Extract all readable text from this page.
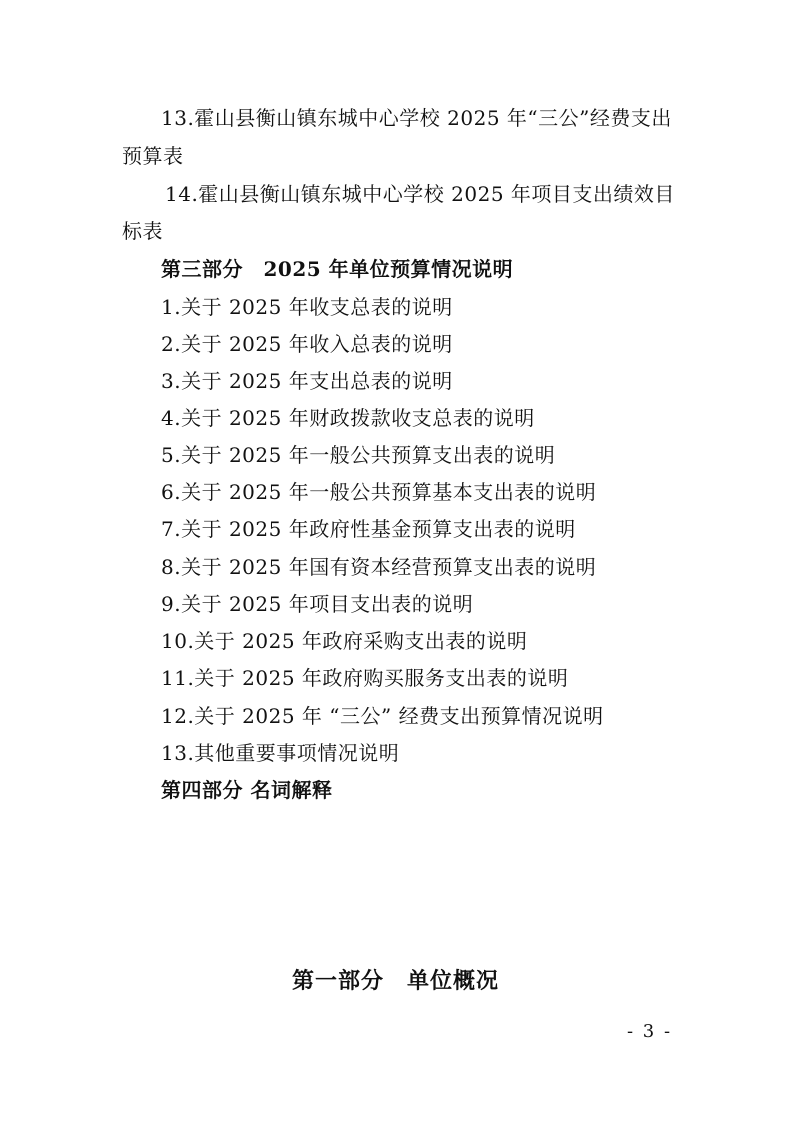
13.霍山县衡山镇东城中心学校 2025 年“三公”经费支出
预算表
14.霍山县衡山镇东城中心学校 2025 年项目支出绩效目
标表
第三部分　2025 年单位预算情况说明
1.关于 2025 年收支总表的说明
2.关于 2025 年收入总表的说明
3.关于 2025 年支出总表的说明
4.关于 2025 年财政拨款收支总表的说明
5.关于 2025 年一般公共预算支出表的说明
6.关于 2025 年一般公共预算基本支出表的说明
7.关于 2025 年政府性基金预算支出表的说明
8.关于 2025 年国有资本经营预算支出表的说明
9.关于 2025 年项目支出表的说明
10.关于 2025 年政府采购支出表的说明
11.关于 2025 年政府购买服务支出表的说明
12.关于 2025 年 “三公” 经费支出预算情况说明
13.其他重要事项情况说明
第四部分 名词解释
第一部分　单位概况
- 3 -
